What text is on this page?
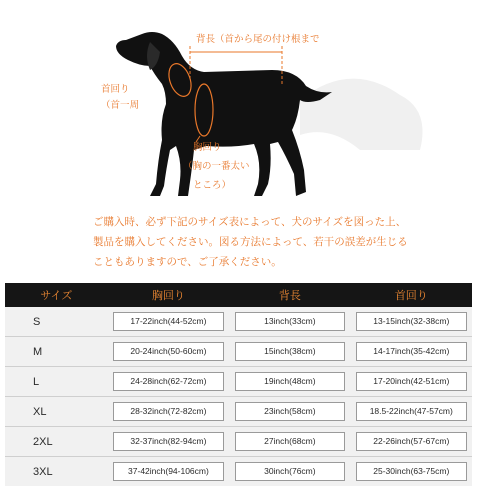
背長（首から尾の付け根まで
首回り
（首一周
胸回り
（胸の一番太い
ところ）
ご購入時、必ず下記のサイズ表によって、犬のサイズを図った上、
製品を購入してください。図る方法によって、若干の誤差が生じる
こともありますので、ご了承ください。
サイズ	胸回り	背長	首回り
S	17-22inch(44-52cm)	13inch(33cm)	13-15inch(32-38cm)
M	20-24inch(50-60cm)	15inch(38cm)	14-17inch(35-42cm)
L	24-28inch(62-72cm)	19inch(48cm)	17-20inch(42-51cm)
XL	28-32inch(72-82cm)	23inch(58cm)	18.5-22inch(47-57cm)
2XL	32-37inch(82-94cm)	27inch(68cm)	22-26inch(57-67cm)
3XL	37-42inch(94-106cm)	30inch(76cm)	25-30inch(63-75cm)
